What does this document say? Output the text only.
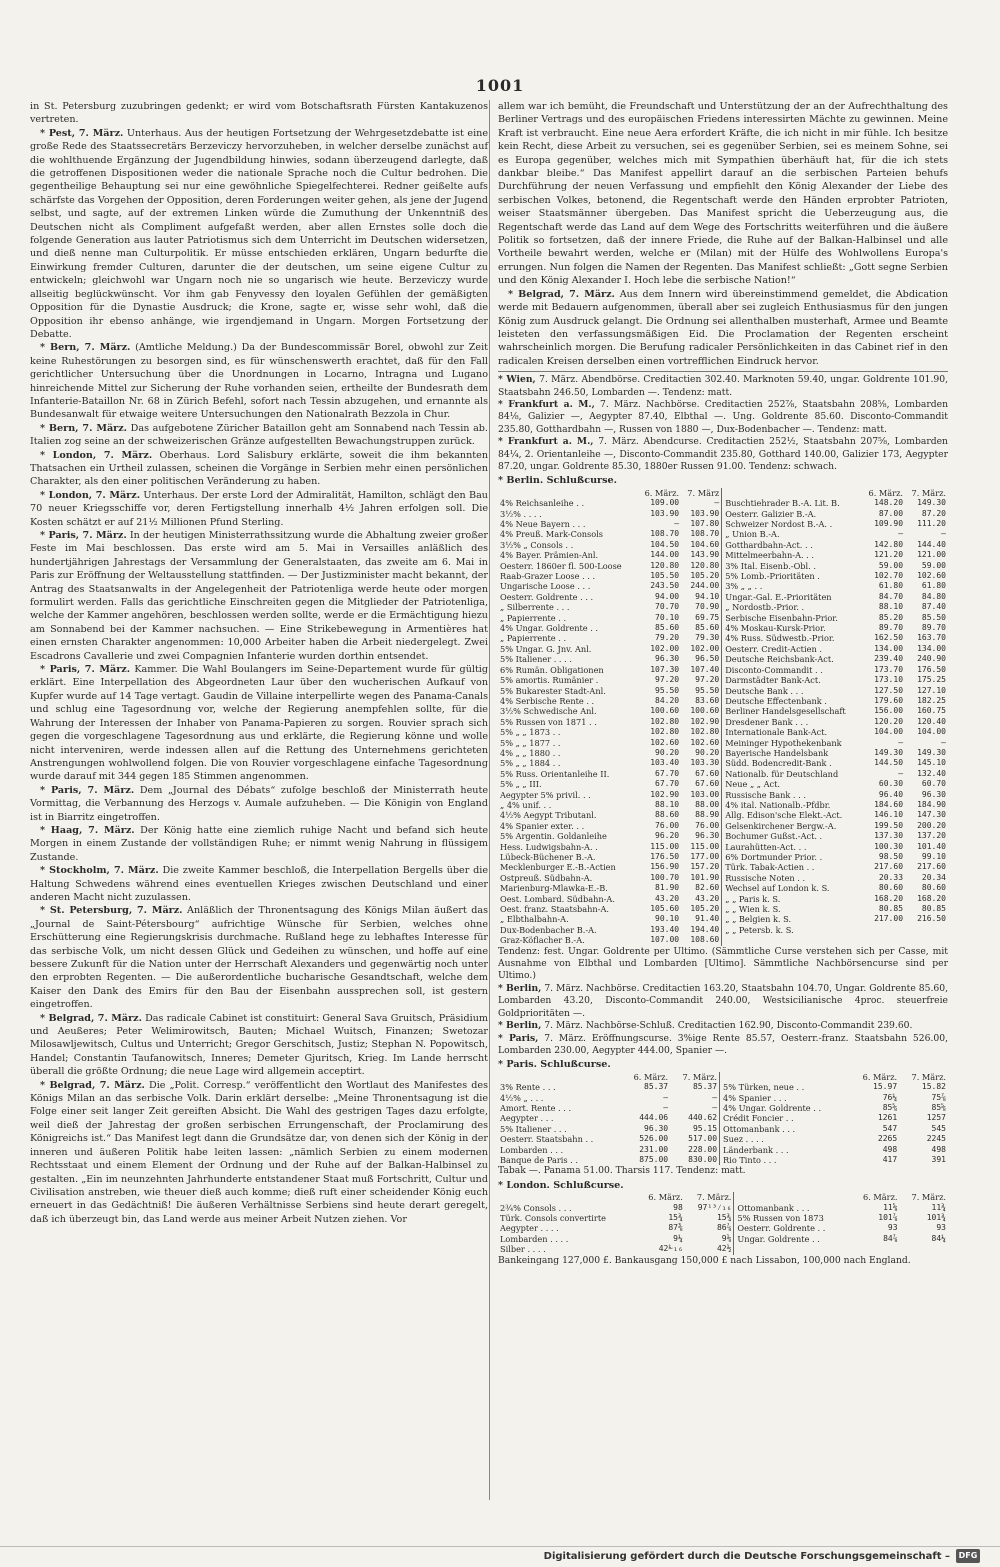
1001

in St. Petersburg zuzubringen gedenkt; er wird vom Botschaftsrath Fürsten Kantakuzenos vertreten.

* Pest, 7. März. Unterhaus. Aus der heutigen Fortsetzung der Wehrgesetzdebatte ist eine große Rede des Staatssecretärs Berzeviczy hervorzuheben, in welcher derselbe zunächst auf die wohlthuende Ergänzung der Jugendbildung hinwies, sodann überzeugend darlegte, daß die getroffenen Dispositionen weder die nationale Sprache noch die Cultur bedrohen. Die gegentheilige Behauptung sei nur eine gewöhnliche Spiegelfechterei. Redner geißelte aufs schärfste das Vorgehen der Opposition, deren Forderungen weiter gehen, als jene der Jugend selbst, und sagte, auf der extremen Linken würde die Zumuthung der Unkenntniß des Deutschen nicht als Compliment aufgefaßt werden, aber allen Ernstes solle doch die folgende Generation aus lauter Patriotismus sich dem Unterricht im Deutschen widersetzen, und dieß nenne man Culturpolitik. Er müsse entschieden erklären, Ungarn bedurfte die Einwirkung fremder Culturen, darunter die der deutschen, um seine eigene Cultur zu entwickeln; gleichwohl war Ungarn noch nie so ungarisch wie heute. Berzeviczy wurde allseitig beglückwünscht. Vor ihm gab Fenyvessy den loyalen Gefühlen der gemäßigten Opposition für die Dynastie Ausdruck; die Krone, sagte er, wisse sehr wohl, daß die Opposition ihr ebenso anhänge, wie irgendjemand in Ungarn. Morgen Fortsetzung der Debatte.

* Bern, 7. März. (Amtliche Meldung.) Da der Bundescommissär Borel, obwohl zur Zeit keine Ruhestörungen zu besorgen sind, es für wünschenswerth erachtet, daß für den Fall gerichtlicher Untersuchung über die Unordnungen in Locarno, Intragna und Lugano hinreichende Mittel zur Sicherung der Ruhe vorhanden seien, ertheilte der Bundesrath dem Infanterie-Bataillon Nr. 68 in Zürich Befehl, sofort nach Tessin abzugehen, und ernannte als Bundesanwalt für etwaige weitere Untersuchungen den Nationalrath Bezzola in Chur.

* Bern, 7. März. Das aufgebotene Züricher Bataillon geht am Sonnabend nach Tessin ab. Italien zog seine an der schweizerischen Gränze aufgestellten Bewachungstruppen zurück.

* London, 7. März. Oberhaus. Lord Salisbury erklärte, soweit die ihm bekannten Thatsachen ein Urtheil zulassen, scheinen die Vorgänge in Serbien mehr einen persönlichen Charakter, als den einer politischen Veränderung zu haben.

* London, 7. März. Unterhaus. Der erste Lord der Admiralität, Hamilton, schlägt den Bau 70 neuer Kriegsschiffe vor, deren Fertigstellung innerhalb 4½ Jahren erfolgen soll. Die Kosten schätzt er auf 21½ Millionen Pfund Sterling.

* Paris, 7. März. In der heutigen Ministerrathssitzung wurde die Abhaltung zweier großer Feste im Mai beschlossen. Das erste wird am 5. Mai in Versailles anläßlich des hundertjährigen Jahrestags der Versammlung der Generalstaaten, das zweite am 6. Mai in Paris zur Eröffnung der Weltausstellung stattfinden. — Der Justizminister macht bekannt, der Antrag des Staatsanwalts in der Angelegenheit der Patriotenliga werde heute oder morgen formulirt werden. Falls das gerichtliche Einschreiten gegen die Mitglieder der Patriotenliga, welche der Kammer angehören, beschlossen werden sollte, werde er die Ermächtigung hiezu am Sonnabend bei der Kammer nachsuchen. — Eine Strikebewegung in Armentières hat einen ernsten Charakter angenommen: 10,000 Arbeiter haben die Arbeit niedergelegt. Zwei Escadrons Cavallerie und zwei Compagnien Infanterie wurden dorthin entsendet.

* Paris, 7. März. Kammer. Die Wahl Boulangers im Seine-Departement wurde für gültig erklärt. Eine Interpellation des Abgeordneten Laur über den wucherischen Aufkauf von Kupfer wurde auf 14 Tage vertagt. Gaudin de Villaine interpellirte wegen des Panama-Canals und schlug eine Tagesordnung vor, welche der Regierung anempfehlen sollte, für die Wahrung der Interessen der Inhaber von Panama-Papieren zu sorgen. Rouvier sprach sich gegen die vorgeschlagene Tagesordnung aus und erklärte, die Regierung könne und wolle nicht interveniren, werde indessen allen auf die Rettung des Unternehmens gerichteten Anstrengungen wohlwollend folgen. Die von Rouvier vorgeschlagene einfache Tagesordnung wurde darauf mit 344 gegen 185 Stimmen angenommen.

* Paris, 7. März. Dem „Journal des Débats“ zufolge beschloß der Ministerrath heute Vormittag, die Verbannung des Herzogs v. Aumale aufzuheben. — Die Königin von England ist in Biarritz eingetroffen.

* Haag, 7. März. Der König hatte eine ziemlich ruhige Nacht und befand sich heute Morgen in einem Zustande der vollständigen Ruhe; er nimmt wenig Nahrung in flüssigem Zustande.

* Stockholm, 7. März. Die zweite Kammer beschloß, die Interpellation Bergells über die Haltung Schwedens während eines eventuellen Krieges zwischen Deutschland und einer anderen Macht nicht zuzulassen.

* St. Petersburg, 7. März. Anläßlich der Thronentsagung des Königs Milan äußert das „Journal de Saint-Pétersbourg“ aufrichtige Wünsche für Serbien, welches ohne Erschütterung eine Regierungskrisis durchmache. Rußland hege zu lebhaftes Interesse für das serbische Volk, um nicht dessen Glück und Gedeihen zu wünschen, und hoffe auf eine bessere Zukunft für die Nation unter der Herrschaft Alexanders und gegenwärtig noch unter den erprobten Regenten. — Die außerordentliche bucharische Gesandtschaft, welche dem Kaiser den Dank des Emirs für den Bau der Eisenbahn aussprechen soll, ist gestern eingetroffen.

* Belgrad, 7. März. Das radicale Cabinet ist constituirt: General Sava Gruitsch, Präsidium und Aeußeres; Peter Welimirowitsch, Bauten; Michael Wuitsch, Finanzen; Swetozar Milosawljewitsch, Cultus und Unterricht; Gregor Gerschitsch, Justiz; Stephan N. Popowitsch, Handel; Constantin Taufanowitsch, Inneres; Demeter Gjuritsch, Krieg. Im Lande herrscht überall die größte Ordnung; die neue Lage wird allgemein acceptirt.

* Belgrad, 7. März. Die „Polit. Corresp.“ veröffentlicht den Wortlaut des Manifestes des Königs Milan an das serbische Volk. Darin erklärt derselbe: „Meine Thronentsagung ist die Folge einer seit langer Zeit gereiften Absicht. Die Wahl des gestrigen Tages dazu erfolgte, weil dieß der Jahrestag der großen serbischen Errungenschaft, der Proclamirung des Königreichs ist.“ Das Manifest legt dann die Grundsätze dar, von denen sich der König in der inneren und äußeren Politik habe leiten lassen: „nämlich Serbien zu einem modernen Rechtsstaat und einem Element der Ordnung und der Ruhe auf der Balkan-Halbinsel zu gestalten. „Ein im neunzehnten Jahrhunderte entstandener Staat muß Fortschritt, Cultur und Civilisation anstreben, wie theuer dieß auch komme; dieß ruft einer scheidender König euch erneuert in das Gedächtniß! Die äußeren Verhältnisse Serbiens sind heute derart geregelt, daß ich überzeugt bin, das Land werde aus meiner Arbeit Nutzen ziehen. Vor

allem war ich bemüht, die Freundschaft und Unterstützung der an der Aufrechthaltung des Berliner Vertrags und des europäischen Friedens interessirten Mächte zu gewinnen. Meine Kraft ist verbraucht. Eine neue Aera erfordert Kräfte, die ich nicht in mir fühle. Ich besitze kein Recht, diese Arbeit zu versuchen, sei es gegenüber Serbien, sei es meinem Sohne, sei es Europa gegenüber, welches mich mit Sympathien überhäuft hat, für die ich stets dankbar bleibe.“ Das Manifest appellirt darauf an die serbischen Parteien behufs Durchführung der neuen Verfassung und empfiehlt den König Alexander der Liebe des serbischen Volkes, betonend, die Regentschaft werde den Händen erprobter Patrioten, weiser Staatsmänner übergeben. Das Manifest spricht die Ueberzeugung aus, die Regentschaft werde das Land auf dem Wege des Fortschritts weiterführen und die äußere Politik so fortsetzen, daß der innere Friede, die Ruhe auf der Balkan-Halbinsel und alle Vortheile bewahrt werden, welche er (Milan) mit der Hülfe des Wohlwollens Europa's errungen. Nun folgen die Namen der Regenten. Das Manifest schließt: „Gott segne Serbien und den König Alexander I. Hoch lebe die serbische Nation!“

* Belgrad, 7. März. Aus dem Innern wird übereinstimmend gemeldet, die Abdication werde mit Bedauern aufgenommen, überall aber sei zugleich Enthusiasmus für den jungen König zum Ausdruck gelangt. Die Ordnung sei allenthalben musterhaft, Armee und Beamte leisteten den verfassungsmäßigen Eid. Die Proclamation der Regenten erscheint wahrscheinlich morgen. Die Berufung radicaler Persönlichkeiten in das Cabinet rief in den radicalen Kreisen derselben einen vortrefflichen Eindruck hervor.

* Wien, 7. März. Abendbörse. Creditactien 302.40. Marknoten 59.40, ungar. Goldrente 101.90, Staatsbahn 246.50, Lombarden —. Tendenz: matt.
* Frankfurt a. M., 7. März. Nachbörse. Creditactien 252⅞, Staatsbahn 208⅝, Lombarden 84⅛, Galizier —, Aegypter 87.40, Elbthal —. Ung. Goldrente 85.60. Disconto-Commandit 235.80, Gotthardbahn —, Russen von 1880 —, Dux-Bodenbacher —. Tendenz: matt.
* Frankfurt a. M., 7. März. Abendcurse. Creditactien 252½, Staatsbahn 207⅝, Lombarden 84¼, 2. Orientanleihe —, Disconto-Commandit 235.80, Gotthard 140.00, Galizier 173, Aegypter 87.20, ungar. Goldrente 85.30, 1880er Russen 91.00. Tendenz: schwach.
* Berlin. Schlußcurse.
	6. März.	7. März			6. März.	7. März.
4% Reichsanleihe . .	109.00	—		Buschtiehrader B.-A. Lit. B.	148.20	149.30
3½% . . . .	103.90	103.90		Oesterr. Galizier B.-A.	87.00	87.20
4% Neue Bayern . . .	—	107.80		Schweizer Nordost B.-A. .	109.90	111.20
4% Preuß. Mark-Consols	108.70	108.70		„ Union B.-A.	—	—
3½% „ Consols . .	104.50	104.60		Gotthardbahn-Act. . .	142.80	144.40
4% Bayer. Prämien-Anl.	144.00	143.90		Mittelmeerbahn-A. . .	121.20	121.00
Oesterr. 1860er fl. 500-Loose	120.80	120.80		3% Ital. Eisenb.-Obl. .	59.00	59.00
Raab-Grazer Loose . . .	105.50	105.20		5% Lomb.-Prioritäten .	102.70	102.60
Ungarische Loose . . .	243.50	244.00		3% „ „ . .	61.80	61.80
Oesterr. Goldrente . . .	94.00	94.10		Ungar.-Gal. E.-Prioritäten	84.70	84.80
„ Silberrente . . .	70.70	70.90		„ Nordostb.-Prior. .	88.10	87.40
„ Papierrente . .	70.10	69.75		Serbische Eisenbahn-Prior.	85.20	85.50
4% Ungar. Goldrente . .	85.60	85.60		4% Moskau-Kursk-Prior.	89.70	89.70
„ Papierrente . .	79.20	79.30		4% Russ. Südwestb.-Prior.	162.50	163.70
5% Ungar. G. Jnv. Anl.	102.00	102.00		Oesterr. Credit-Actien .	134.00	134.00
5% Italiener . . . .	96.30	96.50		Deutsche Reichsbank-Act.	239.40	240.90
6% Rumän. Obligationen	107.30	107.40		Disconto-Commandit . .	173.70	176.50
5% amortis. Rumänier .	97.20	97.20		Darmstädter Bank-Act.	173.10	175.25
5% Bukarester Stadt-Anl.	95.50	95.50		Deutsche Bank . . .	127.50	127.10
4% Serbische Rente . .	84.20	83.60		Deutsche Effectenbank .	179.60	182.25
3½% Schwedische Anl.	100.60	100.60		Berliner Handelsgesellschaft	156.00	160.75
5% Russen von 1871 . .	102.80	102.90		Dresdener Bank . . .	120.20	120.40
5% „ „ 1873 . .	102.80	102.80		Internationale Bank-Act.	104.00	104.00
5% „ „ 1877 . .	102.60	102.60		Meininger Hypothekenbank	—	—
4% „ „ 1880 . .	90.20	90.20		Bayerische Handelsbank	149.30	149.30
5% „ „ 1884 . .	103.40	103.30		Südd. Bodencredit-Bank .	144.50	145.10
5% Russ. Orientanleihe II.	67.70	67.60		Nationalb. für Deutschland	—	132.40
5% „ „ III.	67.70	67.60		Neue „ „ Act.	60.30	60.70
Aegypter 5% privil. . .	102.90	103.00		Russische Bank . . .	96.40	96.30
„ 4% unif. . .	88.10	88.00		4% ital. Nationalb.-Pfdbr.	184.60	184.90
4½% Aegypt Tributanl.	88.60	88.90		Allg. Edison'sche Elekt.-Act.	146.10	147.30
4% Spanier exter. . .	76.00	76.00		Gelsenkirchener Bergw.-A.	199.50	200.20
5% Argentin. Goldanleihe	96.20	96.30		Bochumer Gußst.-Act. .	137.30	137.20
Hess. Ludwigsbahn-A. .	115.00	115.00		Laurahütten-Act. . .	100.30	101.40
Lübeck-Büchener B.-A.	176.50	177.00		6% Dortmunder Prior. .	98.50	99.10
Mecklenburger E.-B.-Actien	156.90	157.20		Türk. Tabak-Actien . .	217.60	217.60
Ostpreuß. Südbahn-A.	100.70	101.90		Russische Noten . .	20.33	20.34
Marienburg-Mlawka-E.-B.	81.90	82.60		Wechsel auf London k. S.	80.60	80.60
Oest. Lombard. Südbahn-A.	43.20	43.20		„ „ Paris k. S.	168.20	168.20
Oest. franz. Staatsbahn-A.	105.60	105.20		„ „ Wien k. S.	80.85	80.85
„ Elbthalbahn-A.	90.10	91.40		„ „ Belgien k. S.	217.00	216.50
Dux-Bodenbacher B.-A.	193.40	194.40		„ „ Petersb. k. S.		
Graz-Köflacher B.-A.	107.00	108.60				
Tendenz: fest. Ungar. Goldrente per Ultimo. (Sämmtliche Curse verstehen sich per Casse, mit Ausnahme von Elbthal und Lombarden [Ultimo]. Sämmtliche Nachbörsencurse sind per Ultimo.)
* Berlin, 7. März. Nachbörse. Creditactien 163.20, Staatsbahn 104.70, Ungar. Goldrente 85.60, Lombarden 43.20, Disconto-Commandit 240.00, Westsicilianische 4proc. steuerfreie Goldprioritäten —.
* Berlin, 7. März. Nachbörse-Schluß. Creditactien 162.90, Disconto-Commandit 239.60.
* Paris, 7. März. Eröffnungscurse. 3%ige Rente 85.57, Oesterr.-franz. Staatsbahn 526.00, Lombarden 230.00, Aegypter 444.00, Spanier —.
* Paris. Schlußcurse.
	6. März.	7. März.			6. März.	7. März.
3% Rente . . .	85.37	85.37		5% Türken, neue . .	15.97	15.82
4½% „ . . .	—	—		4% Spanier . . .	76¼	75⅞
Amort. Rente . . .	—	—		4% Ungar. Goldrente . .	85⅝	85⅝
Aegypter . . .	444.06	440.62		Crédit Foncier . .	1261	1257
5% Italiener . . .	96.30	95.15		Ottomanbank . . .	547	545
Oesterr. Staatsbahn . .	526.00	517.00		Suez . . . .	2265	2245
Lombarden . . .	231.00	228.00		Länderbank . . .	498	498
Banque de Paris . .	875.00	830.00		Rio Tinto . . .	417	391
Tabak —. Panama 51.00. Tharsis 117. Tendenz: matt.
* London. Schlußcurse.
	6. März.	7. März.			6. März.	7. März.
2¾% Consols . . .	98	97¹³⁄₁₆		Ottomanbank . . .	11⅝	11¾
Türk. Consols convertirte	15¾	15¾		5% Russen von 1873	101⅞	101¾
Aegypter . . . .	87⅜	86⅞		Oesterr. Goldrente . .	93	93
Lombarden . . . .	9¼	9⅛		Ungar. Goldrente . .	84⅞	84¼
Silber . . . .	42⅟₁₆	42½				
Bankeingang 127,000 £. Bankausgang 150,000 £ nach Lissabon, 100,000 nach England.
Digitalisierung gefördert durch die Deutsche Forschungsgemeinschaft –	DFG
